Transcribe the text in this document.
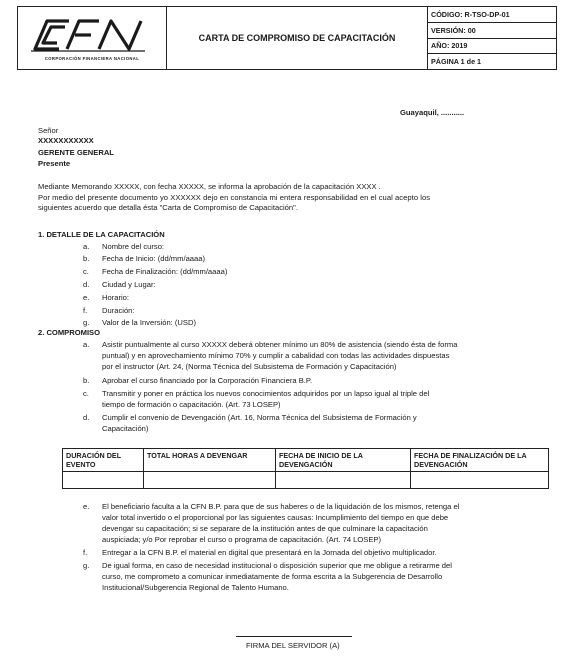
CORPORACIÓN FINANCIERA NACIONAL
CARTA DE COMPROMISO DE CAPACITACIÓN
CÓDIGO: R-TSO-DP-01
VERSIÓN: 00
AÑO: 2019
PÁGINA 1 de 1
Guayaquil, ...........
Señor
XXXXXXXXXXX
GERENTE GENERAL
Presente
Mediante Memorando XXXXX, con fecha XXXXX, se informa la aprobación de la capacitación XXXX .
Por medio del presente documento yo XXXXXX dejo en constancia mi entera responsabilidad en el cual acepto los
siguientes acuerdo que detalla ésta "Carta de Compromiso de Capacitación".
1. DETALLE DE LA CAPACITACIÓN
a. Nombre del curso:
b. Fecha de Inicio: (dd/mm/aaaa)
c. Fecha de Finalización: (dd/mm/aaaa)
d. Ciudad y Lugar:
e. Horario:
f. Duración:
g. Valor de la Inversión: (USD)
2. COMPROMISO
a. Asistir puntualmente al curso XXXXX deberá obtener mínimo un 80% de asistencia (siendo ésta de forma
puntual) y en aprovechamiento mínimo 70% y cumplir a cabalidad con todas las actividades dispuestas
por el instructor (Art. 24, (Norma Técnica del Subsistema de Formación y Capacitación)
b. Aprobar el curso financiado por la Corporación Financiera B.P.
c. Transmitir y poner en práctica los nuevos conocimientos adquiridos por un lapso igual al triple del
tiempo de formación o capacitación. (Art. 73 LOSEP)
d. Cumplir el convenio de Devengación (Art. 16, Norma Técnica del Subsistema de Formación y
Capacitación)
DURACIÓN DEL EVENTO	TOTAL HORAS A DEVENGAR	FECHA DE INICIO DE LA DEVENGACIÓN	FECHA DE FINALIZACIÓN DE LA DEVENGACIÓN

e. El beneficiario faculta a la CFN B.P. para que de sus haberes o de la liquidación de los mismos, retenga el
valor total invertido o el proporcional por las siguientes causas: Incumplimiento del tiempo en que debe
devengar su capacitación; si se separare de la institución antes de que culminare la capacitación
auspiciada; y/o Por reprobar el curso o programa de capacitación. (Art. 74 LOSEP)
f. Entregar a la CFN B.P. el material en digital que presentará en la Jornada del objetivo multiplicador.
g. De igual forma, en caso de necesidad institucional o disposición superior que me obligue a retirarme del
curso, me comprometo a comunicar inmediatamente de forma escrita a la Subgerencia de Desarrollo
Institucional/Subgerencia Regional de Talento Humano.
FIRMA DEL SERVIDOR (A)
